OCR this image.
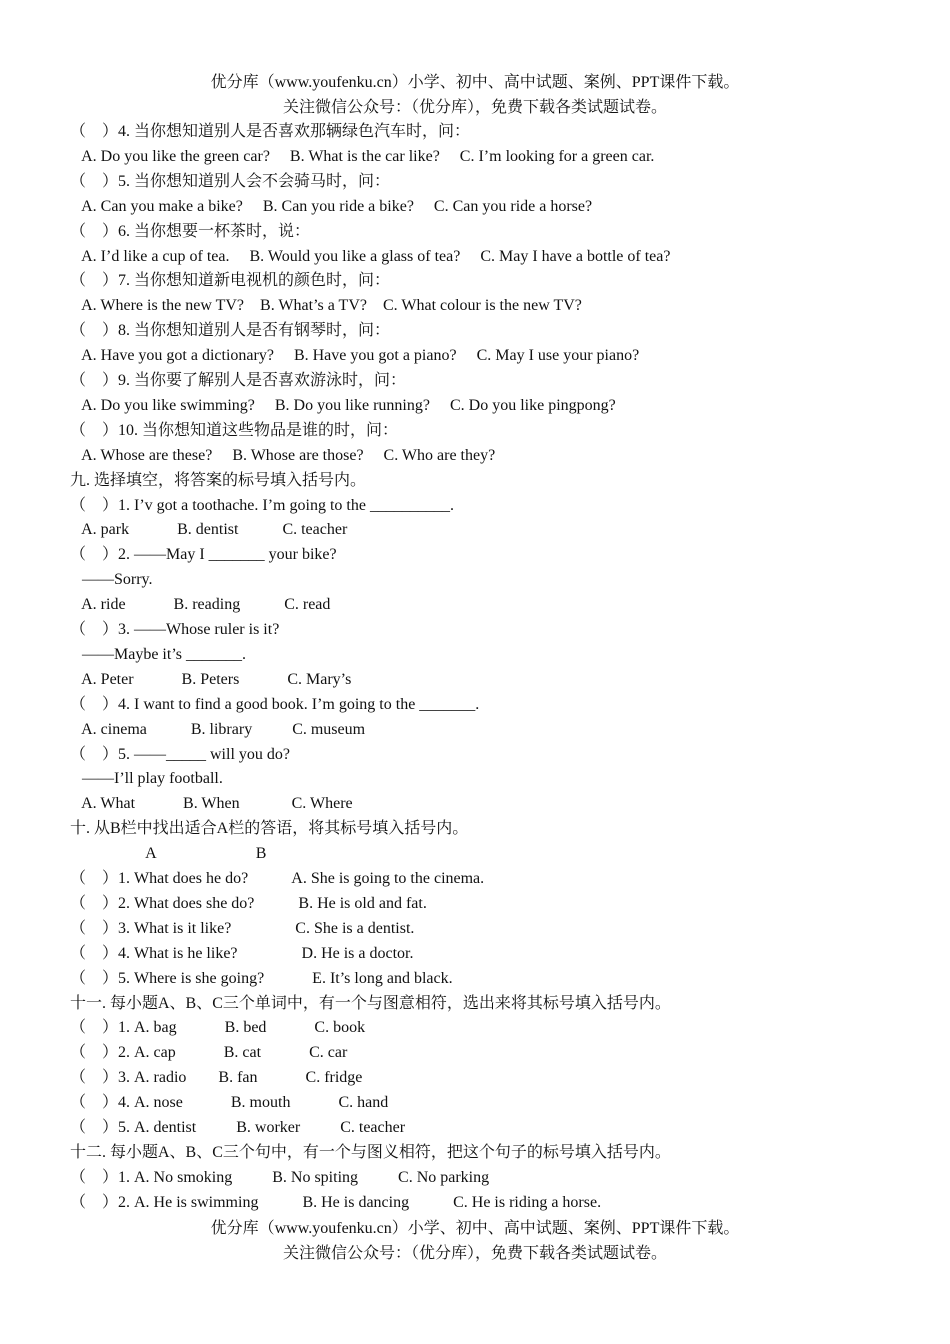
优分库（www.youfenku.cn）小学、初中、高中试题、案例、PPT课件下载。
关注微信公众号：（优分库），免费下载各类试题试卷。
（    ）4. 当你想知道别人是否喜欢那辆绿色汽车时，问：
A. Do you like the green car?     B. What is the car like?     C. I’m looking for a green car.
（    ）5. 当你想知道别人会不会骑马时，问：
A. Can you make a bike?     B. Can you ride a bike?     C. Can you ride a horse?
（    ）6. 当你想要一杯茶时，说：
A. I’d like a cup of tea.     B. Would you like a glass of tea?     C. May I have a bottle of tea?
（    ）7. 当你想知道新电视机的颜色时，问：
A. Where is the new TV?    B. What’s a TV?    C. What colour is the new TV?
（    ）8. 当你想知道别人是否有钢琴时，问：
A. Have you got a dictionary?     B. Have you got a piano?     C. May I use your piano?
（    ）9. 当你要了解别人是否喜欢游泳时，问：
A. Do you like swimming?     B. Do you like running?     C. Do you like pingpong?
（    ）10. 当你想知道这些物品是谁的时，问：
A. Whose are these?     B. Whose are those?     C. Who are they?
九. 选择填空，将答案的标号填入括号内。
（    ）1. I’v got a toothache. I’m going to the __________.
A. park            B. dentist           C. teacher
（    ）2. ——May I _______ your bike?
——Sorry.
A. ride            B. reading           C. read
（    ）3. ——Whose ruler is it?
——Maybe it’s _______.
A. Peter            B. Peters            C. Mary’s
（    ）4. I want to find a good book. I’m going to the _______.
A. cinema           B. library          C. museum
（    ）5. ——_____ will you do?
——I’ll play football.
A. What            B. When             C. Where
十. 从B栏中找出适合A栏的答语，将其标号填入括号内。
A                         B
（    ）1. What does he do?           A. She is going to the cinema.
（    ）2. What does she do?           B. He is old and fat.
（    ）3. What is it like?                C. She is a dentist.
（    ）4. What is he like?                D. He is a doctor.
（    ）5. Where is she going?            E. It’s long and black.
十一. 每小题A、B、C三个单词中，有一个与图意相符，选出来将其标号填入括号内。
（    ）1. A. bag            B. bed            C. book
（    ）2. A. cap            B. cat            C. car
（    ）3. A. radio        B. fan            C. fridge
（    ）4. A. nose            B. mouth            C. hand
（    ）5. A. dentist          B. worker          C. teacher
十二. 每小题A、B、C三个句中，有一个与图义相符，把这个句子的标号填入括号内。
（    ）1. A. No smoking          B. No spiting          C. No parking
（    ）2. A. He is swimming           B. He is dancing           C. He is riding a horse.
优分库（www.youfenku.cn）小学、初中、高中试题、案例、PPT课件下载。
关注微信公众号：（优分库），免费下载各类试题试卷。
